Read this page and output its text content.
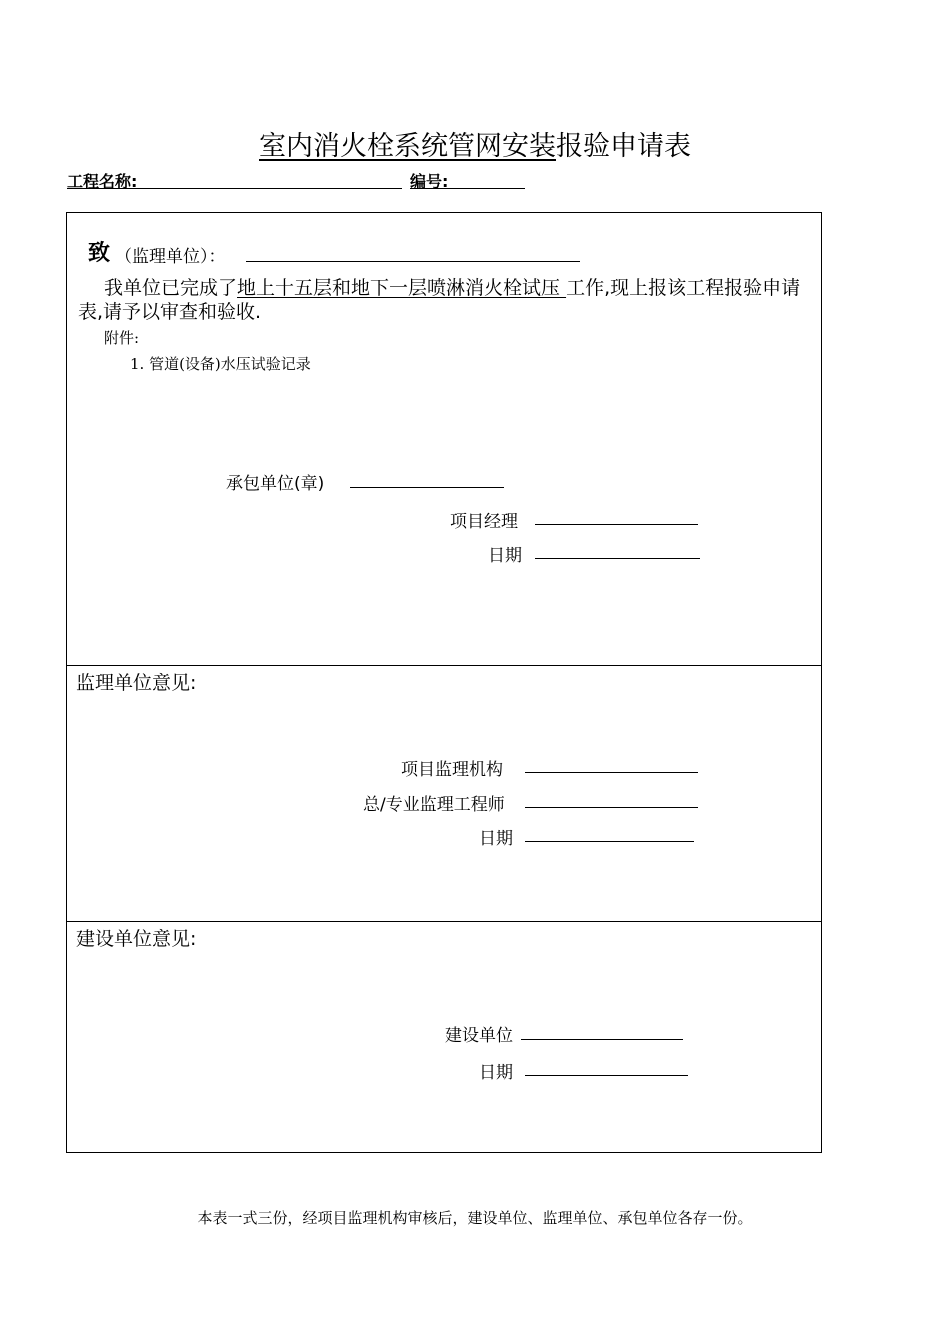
室内消火栓系统管网安装报验申请表
工程名称:	编号:
致 （监理单位）：
我单位已完成了地上十五层和地下一层喷淋消火栓试压 工作,现上报该工程报验申请表,请予以审查和验收.
附件:
1. 管道(设备)水压试验记录
承包单位(章)
项目经理
日期
监理单位意见:
项目监理机构
总/专业监理工程师
日期
建设单位意见:
建设单位
日期
本表一式三份，经项目监理机构审核后，建设单位、监理单位、承包单位各存一份。
